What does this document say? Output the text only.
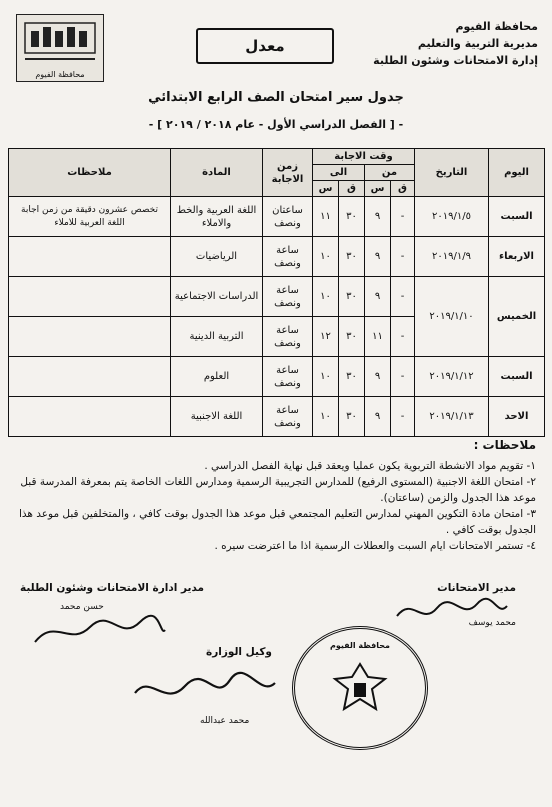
محافظة الفيوم
مديرية التربية والتعليم
إدارة الامتحانات وشئون الطلبة
محافظة الفيوم
معدل
جدول سير امتحان الصف الرابع الابتدائي
- [ الفصل الدراسي الأول - عام ٢٠١٨ / ٢٠١٩ ] -
اليوم	التاريخ	وقت الاجابة				زمن الاجابة	المادة	ملاحظات
		من		الى				
		ق	س	ق	س			
السبت	٢٠١٩/١/٥	-	٩	٣٠	١١	ساعتان ونصف	اللغة العربية والخط والاملاء	تخصص عشرون دقيقة من زمن اجابة اللغة العربية للاملاء
الاربعاء	٢٠١٩/١/٩	-	٩	٣٠	١٠	ساعة ونصف	الرياضيات	
الخميس	٢٠١٩/١/١٠	-	٩	٣٠	١٠	ساعة ونصف	الدراسات الاجتماعية	
		-	١١	٣٠	١٢	ساعة ونصف	التربية الدينية	
السبت	٢٠١٩/١/١٢	-	٩	٣٠	١٠	ساعة ونصف	العلوم	
الاحد	٢٠١٩/١/١٣	-	٩	٣٠	١٠	ساعة ونصف	اللغة الاجنبية	
ملاحظات :

١- تقويم مواد الانشطة التربوية يكون عمليا ويعقد قبل نهاية الفصل الدراسي .

٢- امتحان اللغة الاجنبية (المستوى الرفيع) للمدارس التجريبية الرسمية ومدارس اللغات الخاصة يتم بمعرفة المدرسة قبل موعد هذا الجدول والزمن (ساعتان).

٣- امتحان مادة التكوين المهني لمدارس التعليم المجتمعي قبل موعد هذا الجدول بوقت كافي ، والمتخلفين قبل موعد هذا الجدول بوقت كافي .

٤- تستمر الامتحانات ايام السبت والعطلات الرسمية اذا ما اعترضت سيره .

مدير الامتحانات
محمد يوسف
مدير ادارة الامتحانات وشئون الطلبة
حسن محمد
محافظة الفيوم
وكيل الوزارة
محمد عبدالله
